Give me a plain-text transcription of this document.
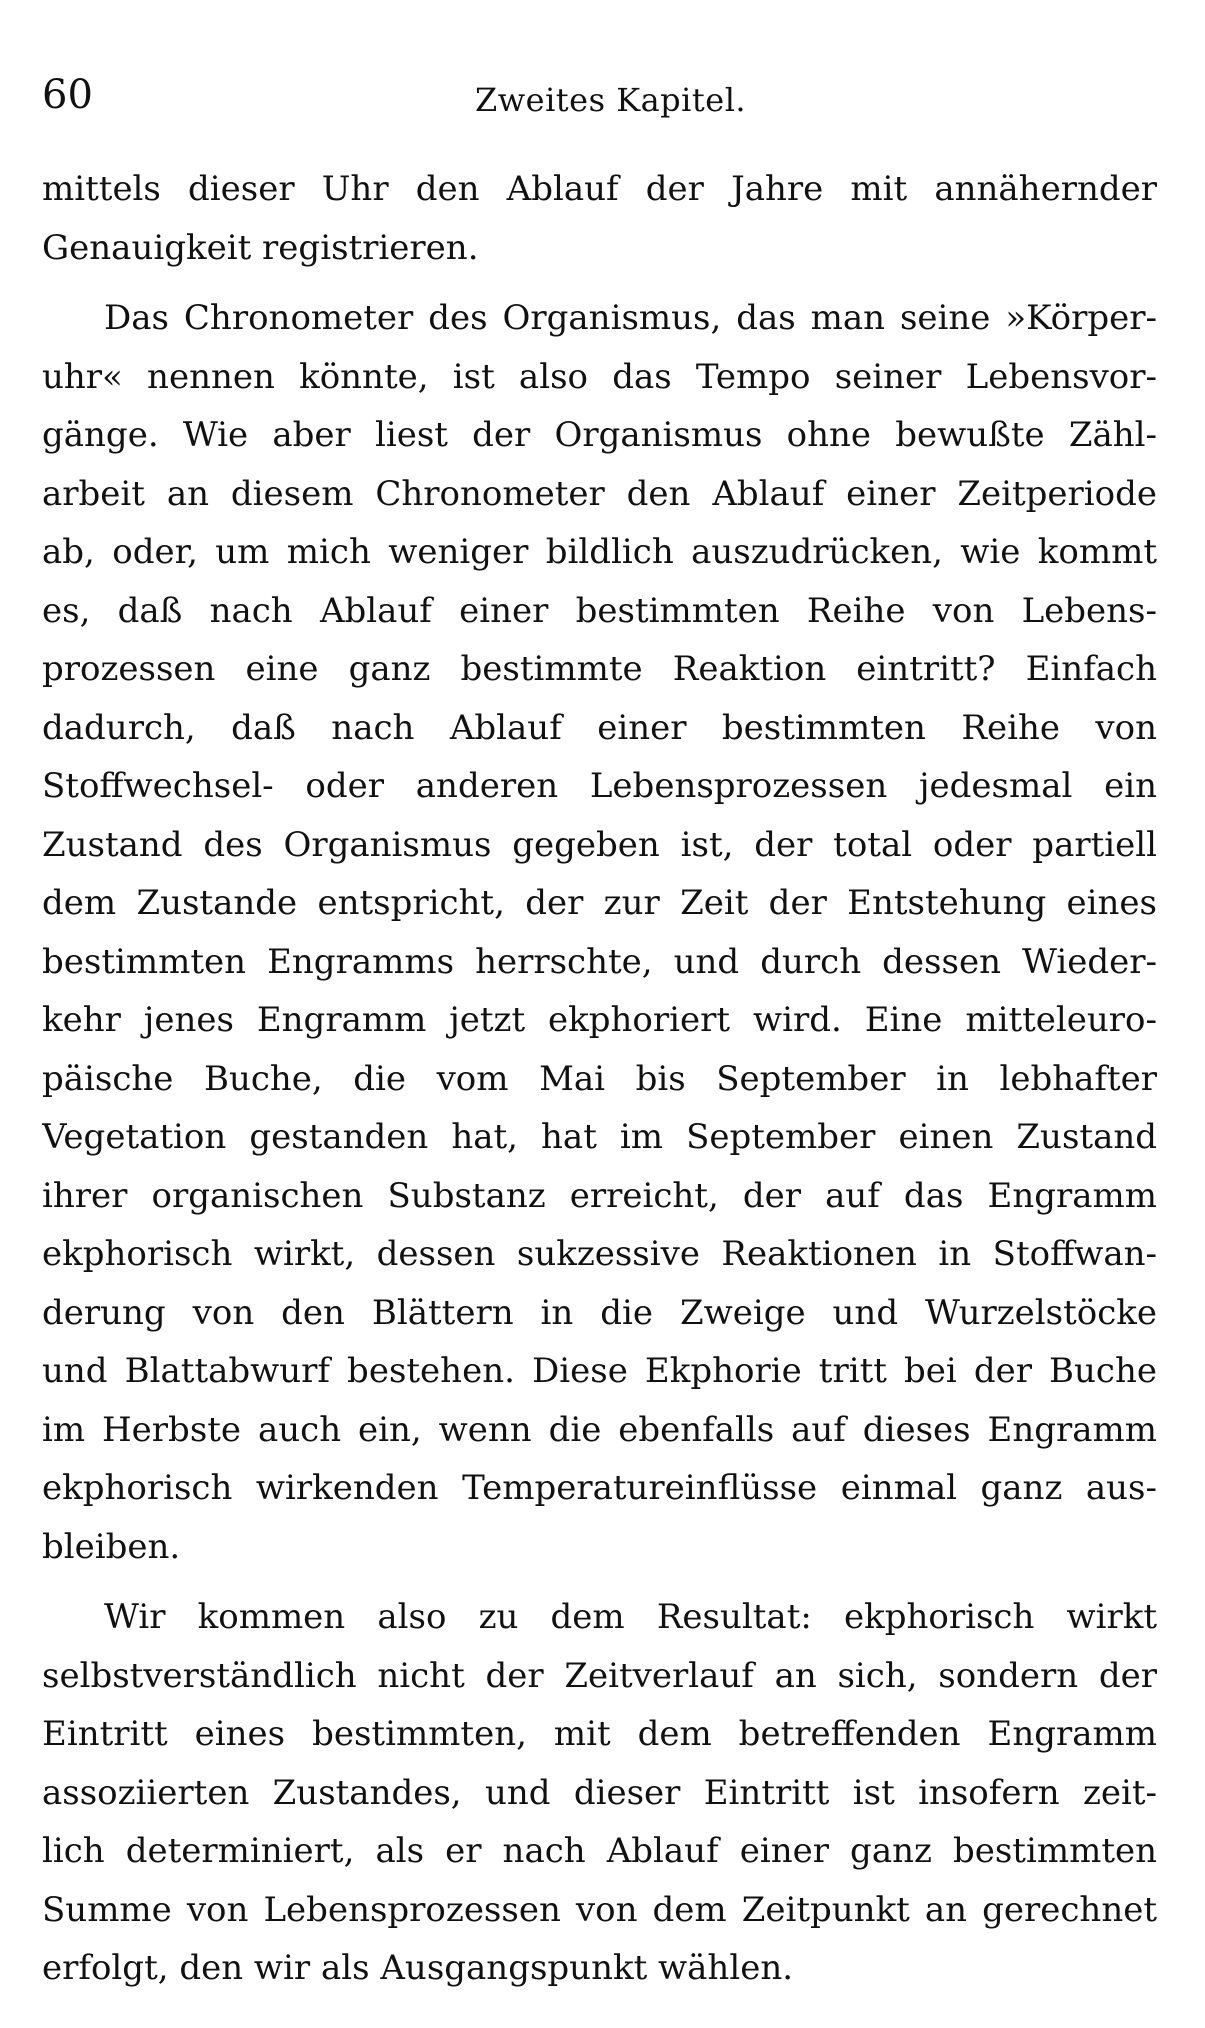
60	Zweites Kapitel.
mittels dieser Uhr den Ablauf der Jahre mit annähernder
Genauigkeit registrieren.
Das Chronometer des Organismus, das man seine »Körper-
uhr« nennen könnte, ist also das Tempo seiner Lebensvor-
gänge. Wie aber liest der Organismus ohne bewußte Zähl-
arbeit an diesem Chronometer den Ablauf einer Zeitperiode
ab, oder, um mich weniger bildlich auszudrücken, wie kommt
es, daß nach Ablauf einer bestimmten Reihe von Lebens-
prozessen eine ganz bestimmte Reaktion eintritt? Einfach
dadurch, daß nach Ablauf einer bestimmten Reihe von
Stoffwechsel- oder anderen Lebensprozessen jedesmal ein
Zustand des Organismus gegeben ist, der total oder partiell
dem Zustande entspricht, der zur Zeit der Entstehung eines
bestimmten Engramms herrschte, und durch dessen Wieder-
kehr jenes Engramm jetzt ekphoriert wird. Eine mitteleuro-
päische Buche, die vom Mai bis September in lebhafter
Vegetation gestanden hat, hat im September einen Zustand
ihrer organischen Substanz erreicht, der auf das Engramm
ekphorisch wirkt, dessen sukzessive Reaktionen in Stoffwan-
derung von den Blättern in die Zweige und Wurzelstöcke
und Blattabwurf bestehen. Diese Ekphorie tritt bei der Buche
im Herbste auch ein, wenn die ebenfalls auf dieses Engramm
ekphorisch wirkenden Temperatureinflüsse einmal ganz aus-
bleiben.
Wir kommen also zu dem Resultat: ekphorisch wirkt
selbstverständlich nicht der Zeitverlauf an sich, sondern der
Eintritt eines bestimmten, mit dem betreffenden Engramm
assoziierten Zustandes, und dieser Eintritt ist insofern zeit-
lich determiniert, als er nach Ablauf einer ganz bestimmten
Summe von Lebensprozessen von dem Zeitpunkt an gerechnet
erfolgt, den wir als Ausgangspunkt wählen.
